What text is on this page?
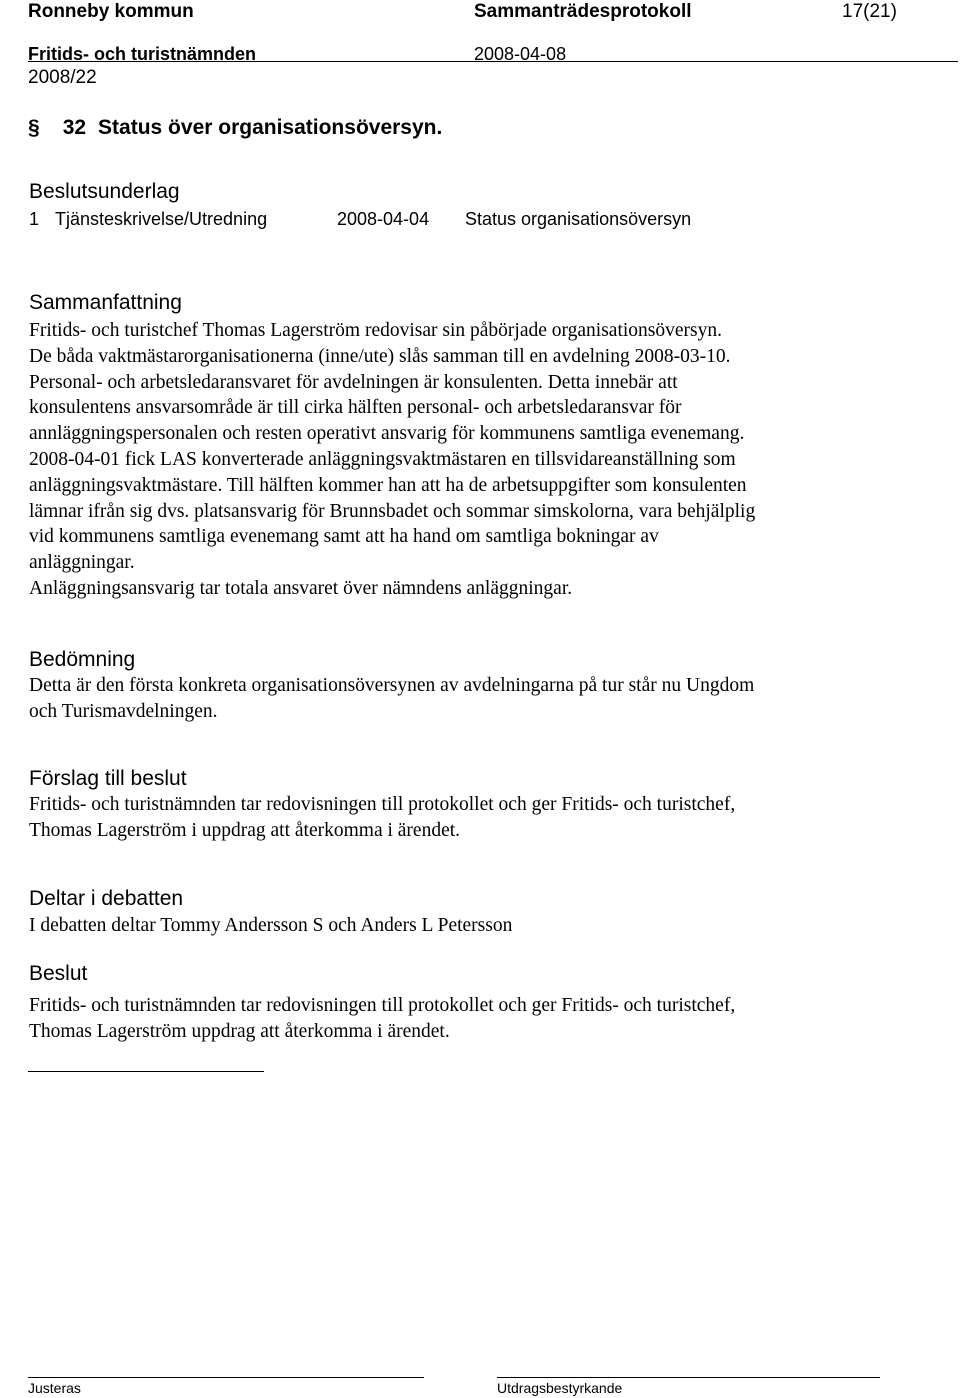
Ronneby kommun	Sammanträdesprotokoll	17(21)
Fritids- och turistnämnden	2008-04-08
2008/22
§ 32 Status över organisationsöversyn.
Beslutsunderlag
1 Tjänsteskrivelse/Utredning	2008-04-04 Status organisationsöversyn
Sammanfattning
Fritids- och turistchef Thomas Lagerström redovisar sin påbörjade organisationsöversyn.
De båda vaktmästarorganisationerna (inne/ute) slås samman till en avdelning 2008-03-10.
Personal- och arbetsledaransvaret för avdelningen är konsulenten. Detta innebär att
konsulentens ansvarsområde är till cirka hälften personal- och arbetsledaransvar för
annläggningspersonalen och resten operativt ansvarig för kommunens samtliga evenemang.
2008-04-01 fick LAS konverterade anläggningsvaktmästaren en tillsvidareanställning som
anläggningsvaktmästare. Till hälften kommer han att ha de arbetsuppgifter som konsulenten
lämnar ifrån sig dvs. platsansvarig för Brunnsbadet och sommar simskolorna, vara behjälplig
vid kommunens samtliga evenemang samt att ha hand om samtliga bokningar av
anläggningar.
Anläggningsansvarig tar totala ansvaret över nämndens anläggningar.
Bedömning
Detta är den första konkreta organisationsöversynen av avdelningarna på tur står nu Ungdom
och Turismavdelningen.
Förslag till beslut
Fritids- och turistnämnden tar redovisningen till protokollet och ger Fritids- och turistchef,
Thomas Lagerström i uppdrag att återkomma i ärendet.
Deltar i debatten
I debatten deltar Tommy Andersson S och Anders L Petersson
Beslut
Fritids- och turistnämnden tar redovisningen till protokollet och ger Fritids- och turistchef,
Thomas Lagerström uppdrag att återkomma i ärendet.
Justeras	Utdragsbestyrkande
